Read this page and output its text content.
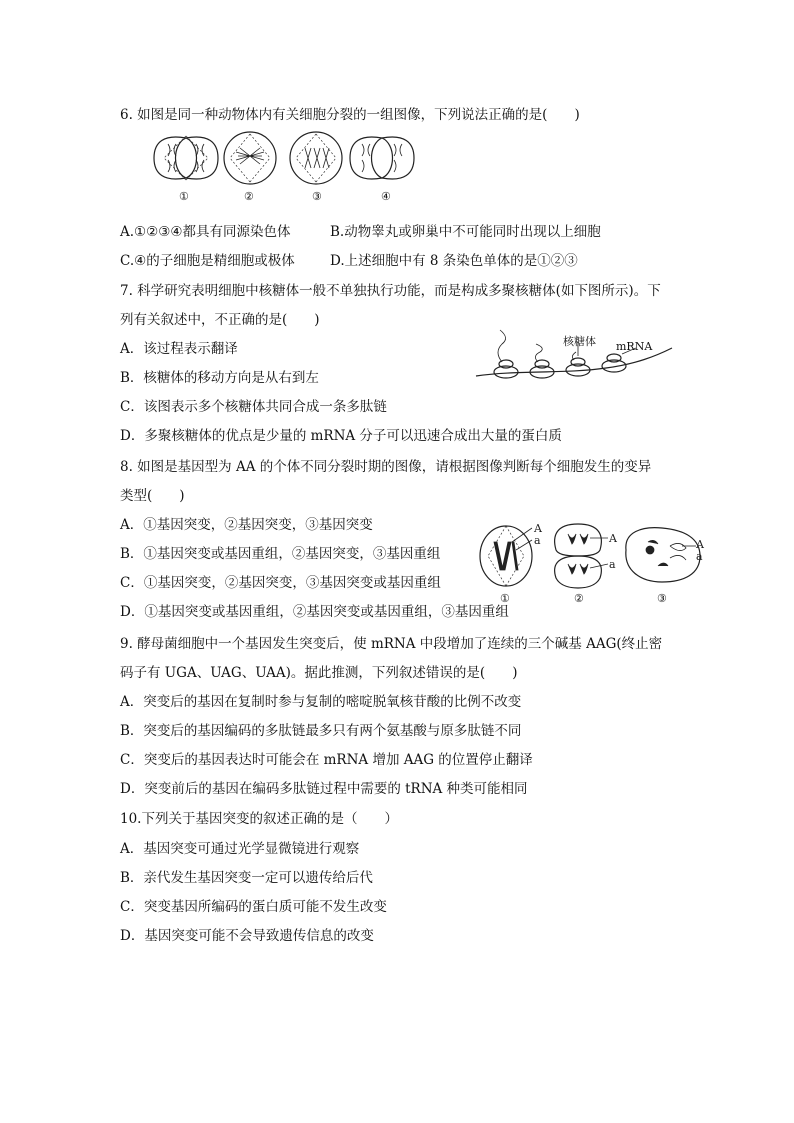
6. 如图是同一种动物体内有关细胞分裂的一组图像，下列说法正确的是(　　)
①	②	③	④
A.①②③④都具有同源染色体	B.动物睾丸或卵巢中不可能同时出现以上细胞
C.④的子细胞是精细胞或极体	D.上述细胞中有 8 条染色单体的是①②③
7. 科学研究表明细胞中核糖体一般不单独执行功能，而是构成多聚核糖体(如下图所示)。下
列有关叙述中，不正确的是(　　)
核糖体 mRNA
A．该过程表示翻译
B．核糖体的移动方向是从右到左
C．该图表示多个核糖体共同合成一条多肽链
D．多聚核糖体的优点是少量的 mRNA 分子可以迅速合成出大量的蛋白质
8. 如图是基因型为 AA 的个体不同分裂时期的图像，请根据图像判断每个细胞发生的变异
类型(　　)
A
a	A
a
A
a
①	②	③
A．①基因突变，②基因突变，③基因突变
B．①基因突变或基因重组，②基因突变，③基因重组
C．①基因突变，②基因突变，③基因突变或基因重组
D．①基因突变或基因重组，②基因突变或基因重组，③基因重组
9. 酵母菌细胞中一个基因发生突变后，使 mRNA 中段增加了连续的三个碱基 AAG(终止密
码子有 UGA、UAG、UAA)。据此推测，下列叙述错误的是(　　)
A．突变后的基因在复制时参与复制的嘧啶脱氧核苷酸的比例不改变
B．突变后的基因编码的多肽链最多只有两个氨基酸与原多肽链不同
C．突变后的基因表达时可能会在 mRNA 增加 AAG 的位置停止翻译
D．突变前后的基因在编码多肽链过程中需要的 tRNA 种类可能相同
10.下列关于基因突变的叙述正确的是（　　）
A．基因突变可通过光学显微镜进行观察
B．亲代发生基因突变一定可以遗传给后代
C．突变基因所编码的蛋白质可能不发生改变
D．基因突变可能不会导致遗传信息的改变
